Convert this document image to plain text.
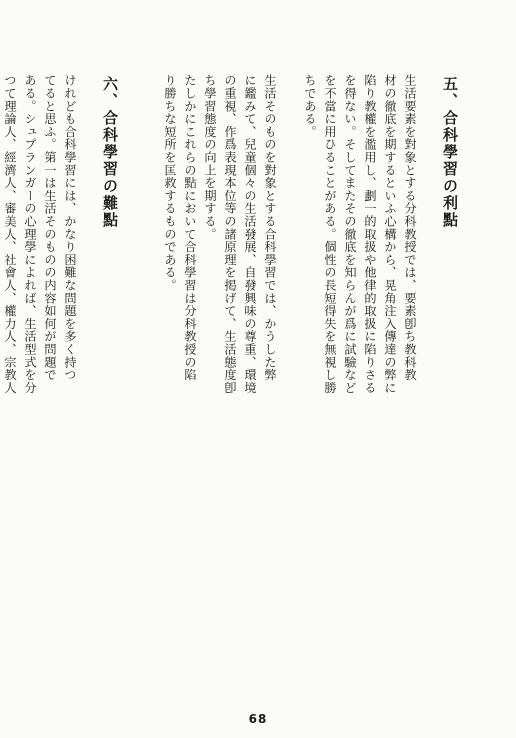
五、合科學習の利點

生活要素を對象とする分科教授では、要素卽ち教科教
材の徹底を期するといふ心構から、晃角注入傳達の弊に
陷り教權を濫用し、劃一的取扱や他律的取扱に陷りさる
を得ない。そしてまたその徹底を知らんが爲に試驗など
を不當に用ひることがある。個性の長短得失を無視し勝
ちである。

生活そのものを對象とする合科學習では、かうした弊
に鑑みて、兒童個々の生活發展、自發興味の尊重、環境
の重視、作爲表現本位等の諸原理を掲げて、生活態度卽
ち學習態度の向上を期する。
たしかにこれらの點において合科學習は分科教授の陷
り勝ちな短所を匡救するものである。

六、合科學習の難點

けれども合科學習には、かなり困難な問題を多く持つ
てると思ふ。第一は生活そのものの内容如何が問題で
ある。シュプランガーの心理學によれば、生活型式を分
つて理論人、經濟人、審美人、社會人、權力人、宗教人

68
